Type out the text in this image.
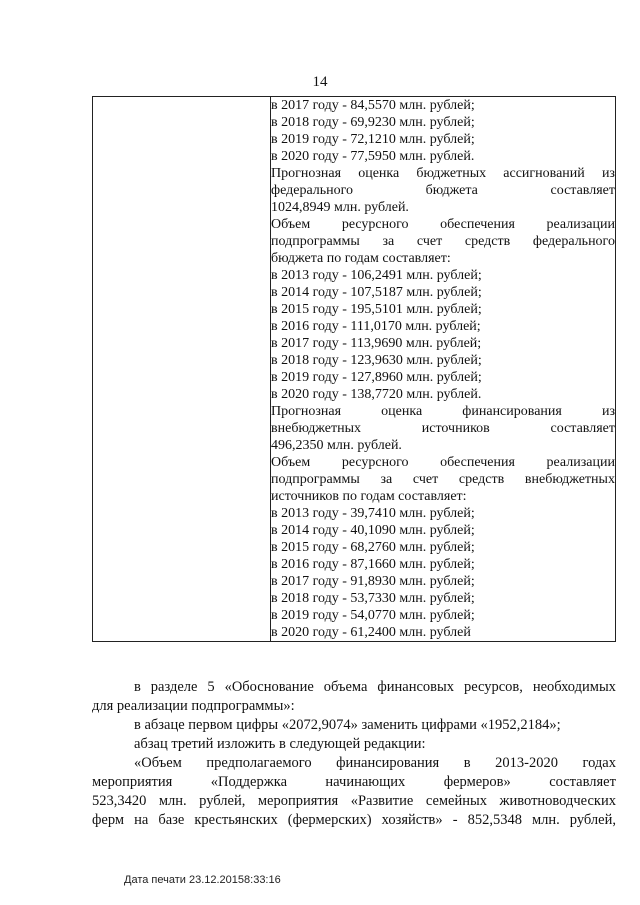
14

в 2017 году - 84,5570 млн. рублей;
в 2018 году - 69,9230 млн. рублей;
в 2019 году - 72,1210 млн. рублей;
в 2020 году - 77,5950 млн. рублей.
Прогнозная оценка бюджетных ассигнований из
федерального	бюджета	составляет
1024,8949 млн. рублей.
Объем ресурсного обеспечения реализации
подпрограммы за счет средств федерального
бюджета по годам составляет:
в 2013 году - 106,2491 млн. рублей;
в 2014 году - 107,5187 млн. рублей;
в 2015 году - 195,5101 млн. рублей;
в 2016 году - 111,0170 млн. рублей;
в 2017 году - 113,9690 млн. рублей;
в 2018 году - 123,9630 млн. рублей;
в 2019 году - 127,8960 млн. рублей;
в 2020 году - 138,7720 млн. рублей.
Прогнозная	оценка	финансирования	из
внебюджетных	источников	составляет
496,2350 млн. рублей.
Объем ресурсного обеспечения реализации
подпрограммы за счет средств внебюджетных
источников по годам составляет:
в 2013 году - 39,7410 млн. рублей;
в 2014 году - 40,1090 млн. рублей;
в 2015 году - 68,2760 млн. рублей;
в 2016 году - 87,1660 млн. рублей;
в 2017 году - 91,8930 млн. рублей;
в 2018 году - 53,7330 млн. рублей;
в 2019 году - 54,0770 млн. рублей;
в 2020 году - 61,2400 млн. рублей
в разделе 5 «Обоснование объема финансовых ресурсов, необходимых
для реализации подпрограммы»:
в абзаце первом цифры «2072,9074» заменить цифрами «1952,2184»;
абзац третий изложить в следующей редакции:
«Объем предполагаемого финансирования в 2013-2020 годах
мероприятия	«Поддержка	начинающих	фермеров»	составляет
523,3420 млн. рублей, мероприятия «Развитие семейных животноводческих
ферм на базе крестьянских (фермерских) хозяйств» - 852,5348 млн. рублей,
Дата печати 23.12.20158:33:16
